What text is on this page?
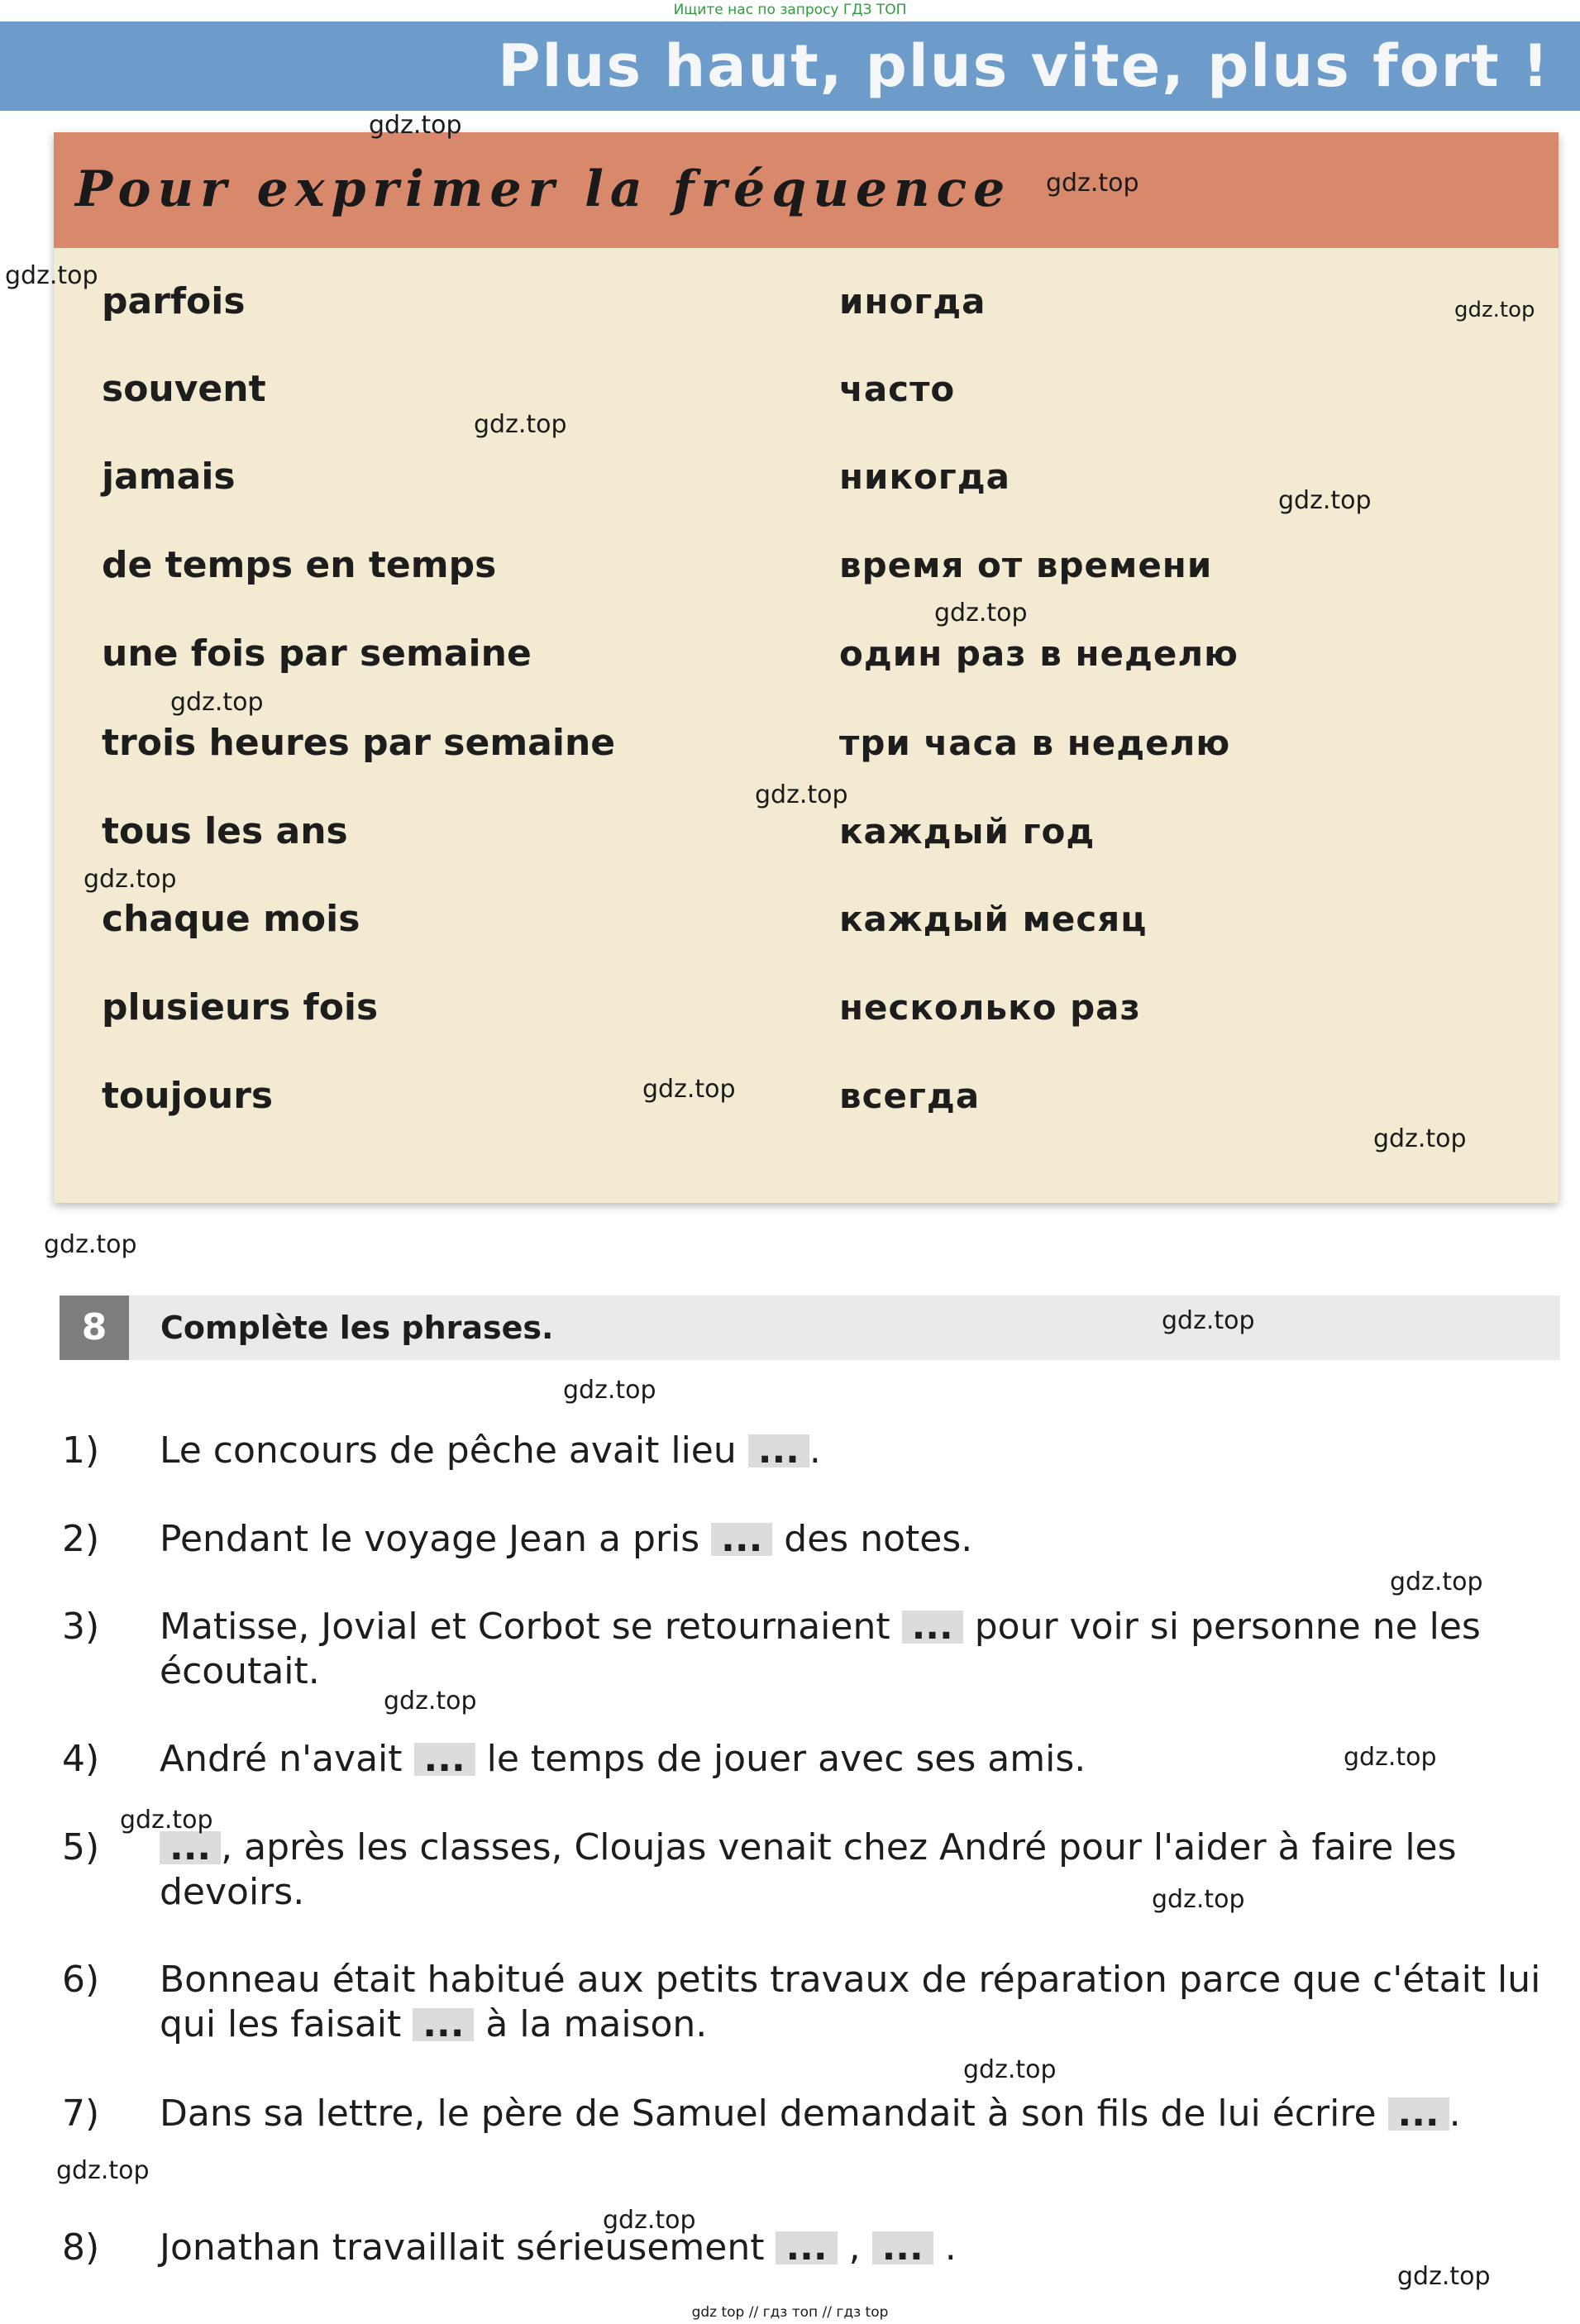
Ищите нас по запросу ГДЗ ТОП
Plus haut, plus vite, plus fort !
Pour exprimer la fréquence
parfois	иногда
souvent	часто
jamais	никогда
de temps en temps	время от времени
une fois par semaine	один раз в неделю
trois heures par semaine	три часа в неделю
tous les ans	каждый год
chaque mois	каждый месяц
plusieurs fois	несколько раз
toujours	всегда
8	Complète les phrases.
1) Le concours de pêche avait lieu ... .
2) Pendant le voyage Jean a pris ... des notes.
3) Matisse, Jovial et Corbot se retournaient ... pour voir si personne ne les écoutait.
4) André n'avait ... le temps de jouer avec ses amis.
5) ... , après les classes, Cloujas venait chez André pour l'aider à faire les devoirs.
6) Bonneau était habitué aux petits travaux de réparation parce que c'était lui qui les faisait ... à la maison.
7) Dans sa lettre, le père de Samuel demandait à son fils de lui écrire ... .
8) Jonathan travaillait sérieusement ... , ... .
gdz.top
gdz.top
gdz.top
gdz.top
gdz.top
gdz.top
gdz.top
gdz.top
gdz.top
gdz.top
gdz.top
gdz.top
gdz.top
gdz.top
gdz.top
gdz.top
gdz.top
gdz.top
gdz.top
gdz.top
gdz.top
gdz.top
gdz.top
gdz.top
gdz top // гдз топ // гдз top
